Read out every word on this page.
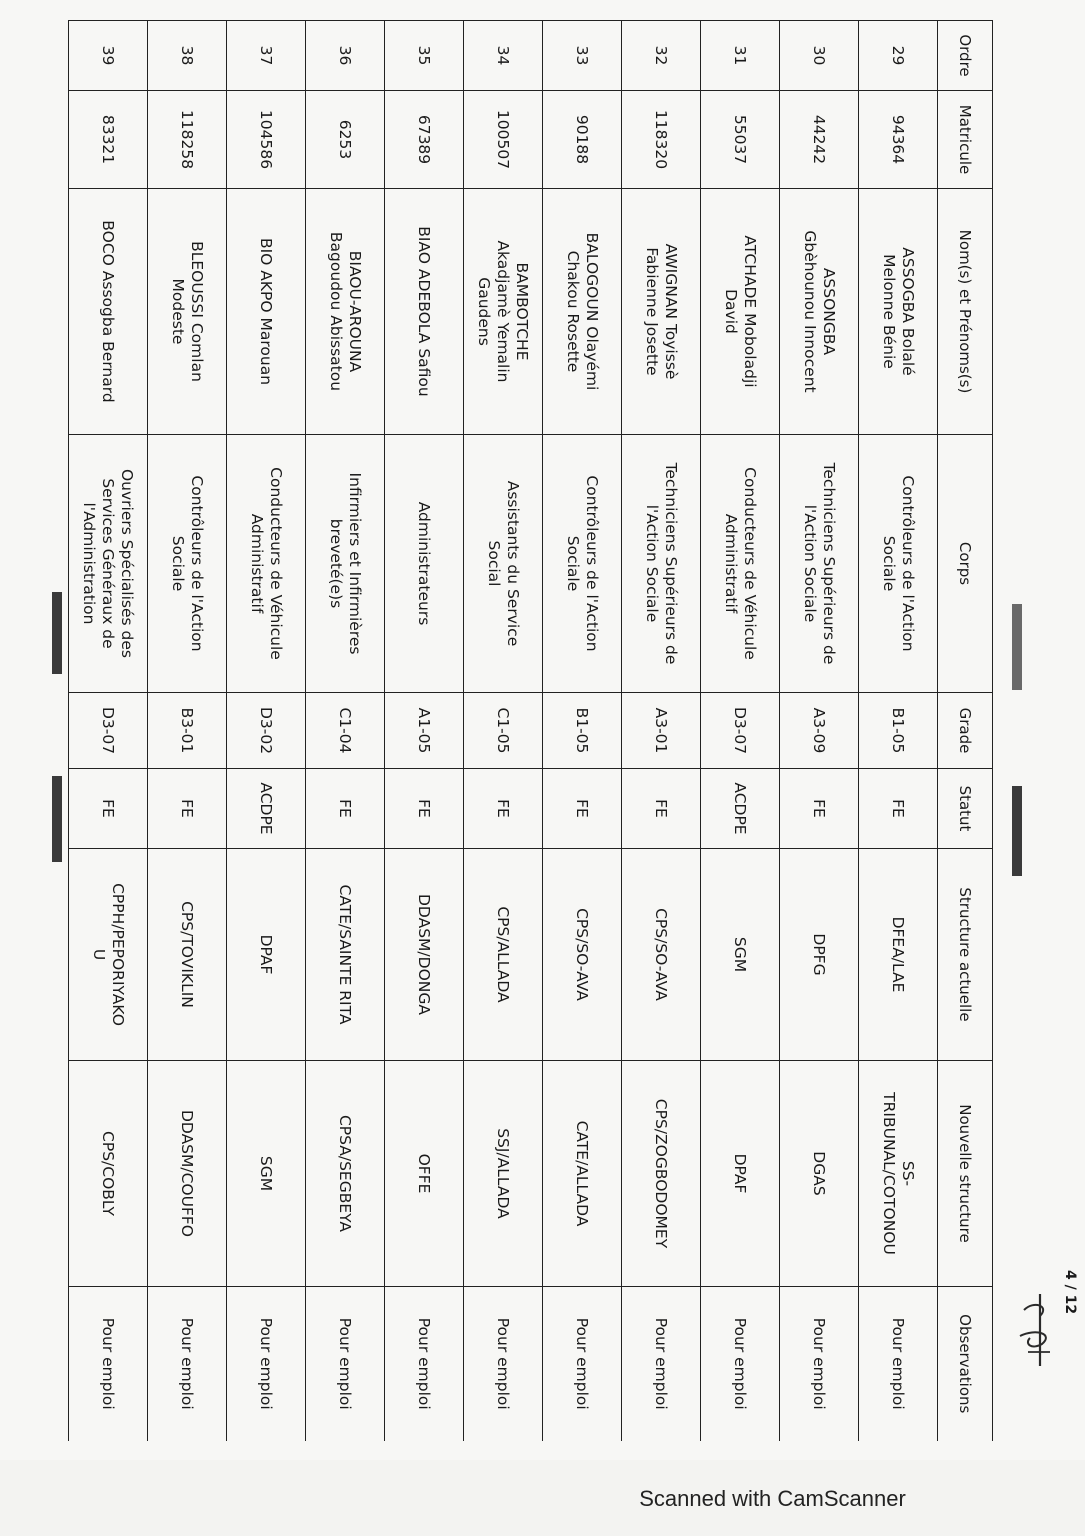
Ordre	Matricule	Nom(s) et Prénoms(s)	Corps	Grade	Statut	Structure actuelle	Nouvelle structure	Observations
29	94364	ASSOGBA Bolalé
Melonne Bénie	Contrôleurs de l'Action
Sociale	B1-05	FE	DFEA/LAE	SS-
TRIBUNAL/COTONOU	Pour emploi
30	44242	ASSONGBA
Gbèhounou Innocent	Techniciens Supérieurs de
l'Action Sociale	A3-09	FE	DPFG	DGAS	Pour emploi
31	55037	ATCHADE Moboladji
David	Conducteurs de Véhicule
Administratif	D3-07	ACDPE	SGM	DPAF	Pour emploi
32	118320	AWIGNAN Toyissè
Fabienne Josette	Techniciens Supérieurs de
l'Action Sociale	A3-01	FE	CPS/SO-AVA	CPS/ZOGBODOMEY	Pour emploi
33	90188	BALOGOUN Olayémi
Chakou Rosette	Contrôleurs de l'Action
Sociale	B1-05	FE	CPS/SO-AVA	CATE/ALLADA	Pour emploi
34	100507	BAMBOTCHE
Akadjamè Yemalin
Gaudens	Assistants du Service
Social	C1-05	FE	CPS/ALLADA	SSJ/ALLADA	Pour emploi
35	67389	BIAO ADEBOLA Safiou	Administrateurs	A1-05	FE	DDASM/DONGA	OFFE	Pour emploi
36	6253	BIAOU-AROUNA
Bagoudou Abissatou	Infirmiers et Infirmières
breveté(e)s	C1-04	FE	CATE/SAINTE RITA	CPSA/SEGBEYA	Pour emploi
37	104586	BIO AKPO Marouan	Conducteurs de Véhicule
Administratif	D3-02	ACDPE	DPAF	SGM	Pour emploi
38	118258	BLEOUSSI Comlan
Modeste	Contrôleurs de l'Action
Sociale	B3-01	FE	CPS/TOVIKLIN	DDASM/COUFFO	Pour emploi
39	83321	BOCO Assogba Bernard	Ouvriers Spécialisés des
Services Généraux de
l'Administration	D3-07	FE	CPPH/PEPORIYAKO
U	CPS/COBLY	Pour emploi
4 / 12
Scanned with CamScanner
